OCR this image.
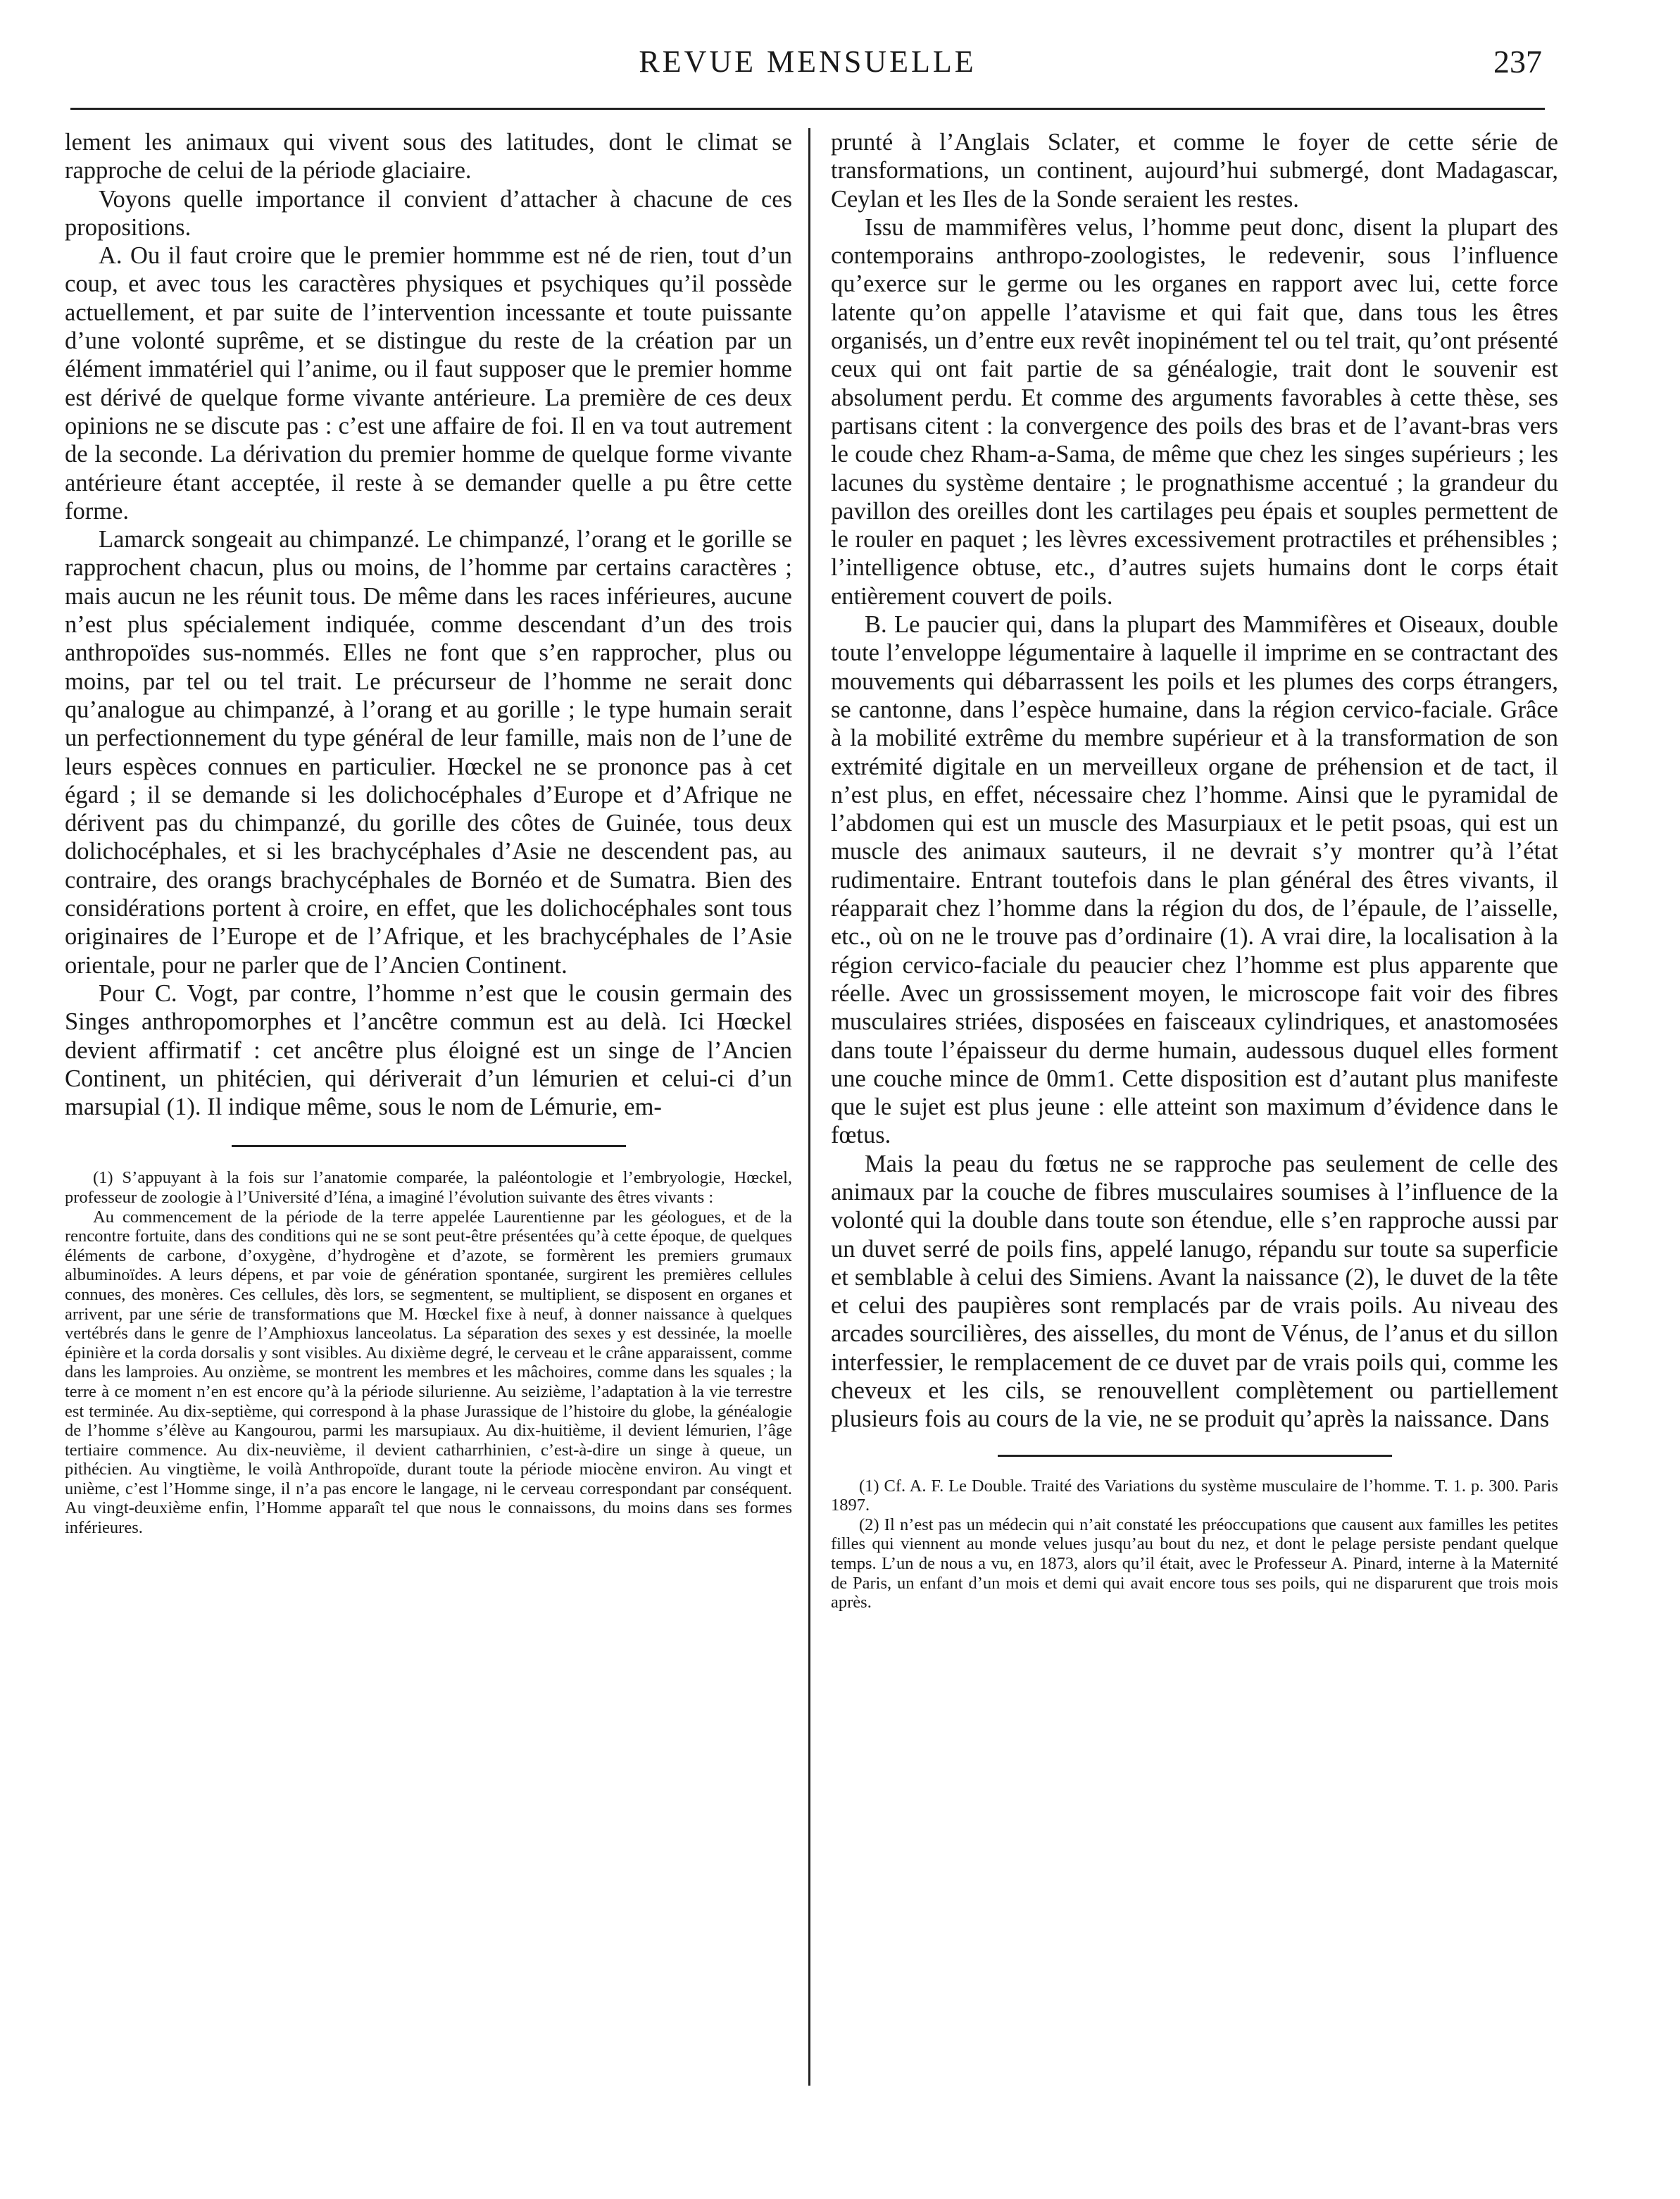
REVUE MENSUELLE	237

lement les animaux qui vivent sous des latitudes, dont le climat se rapproche de celui de la période glaciaire.

Voyons quelle importance il convient d’attacher à chacune de ces propositions.

A. Ou il faut croire que le premier hommme est né de rien, tout d’un coup, et avec tous les caractères physiques et psychiques qu’il possède actuellement, et par suite de l’intervention incessante et toute puissante d’une volonté suprême, et se distingue du reste de la création par un élément immatériel qui l’anime, ou il faut supposer que le premier homme est dérivé de quelque forme vivante antérieure. La première de ces deux opinions ne se discute pas : c’est une affaire de foi. Il en va tout autrement de la seconde. La dérivation du premier homme de quelque forme vivante antérieure étant acceptée, il reste à se demander quelle a pu être cette forme.

Lamarck songeait au chimpanzé. Le chimpanzé, l’orang et le gorille se rapprochent chacun, plus ou moins, de l’homme par certains caractères ; mais aucun ne les réunit tous. De même dans les races inférieures, aucune n’est plus spécialement indiquée, comme descendant d’un des trois anthropoïdes sus-nommés. Elles ne font que s’en rapprocher, plus ou moins, par tel ou tel trait. Le précurseur de l’homme ne serait donc qu’analogue au chimpanzé, à l’orang et au gorille ; le type humain serait un perfectionnement du type général de leur famille, mais non de l’une de leurs espèces connues en particulier. Hœckel ne se prononce pas à cet égard ; il se demande si les dolichocéphales d’Europe et d’Afrique ne dérivent pas du chimpanzé, du gorille des côtes de Guinée, tous deux dolichocéphales, et si les brachycéphales d’Asie ne descendent pas, au contraire, des orangs brachycéphales de Bornéo et de Sumatra. Bien des considérations portent à croire, en effet, que les dolichocéphales sont tous originaires de l’Europe et de l’Afrique, et les brachycéphales de l’Asie orientale, pour ne parler que de l’Ancien Continent.

Pour C. Vogt, par contre, l’homme n’est que le cousin germain des Singes anthropomorphes et l’ancêtre commun est au delà. Ici Hœckel devient affirmatif : cet ancêtre plus éloigné est un singe de l’Ancien Continent, un phitécien, qui dériverait d’un lémurien et celui-ci d’un marsupial (1). Il indique même, sous le nom de Lémurie, em-

(1) S’appuyant à la fois sur l’anatomie comparée, la paléontologie et l’embryologie, Hœckel, professeur de zoologie à l’Université d’Iéna, a imaginé l’évolution suivante des êtres vivants :

Au commencement de la période de la terre appelée Laurentienne par les géologues, et de la rencontre fortuite, dans des conditions qui ne se sont peut-être présentées qu’à cette époque, de quelques éléments de carbone, d’oxygène, d’hydrogène et d’azote, se formèrent les premiers grumaux albuminoïdes. A leurs dépens, et par voie de génération spontanée, surgirent les premières cellules connues, des monères. Ces cellules, dès lors, se segmentent, se multiplient, se disposent en organes et arrivent, par une série de transformations que M. Hœckel fixe à neuf, à donner naissance à quelques vertébrés dans le genre de l’Amphioxus lanceolatus. La séparation des sexes y est dessinée, la moelle épinière et la corda dorsalis y sont visibles. Au dixième degré, le cerveau et le crâne apparaissent, comme dans les lamproies. Au onzième, se montrent les membres et les mâchoires, comme dans les squales ; la terre à ce moment n’en est encore qu’à la période silurienne. Au seizième, l’adaptation à la vie terrestre est terminée. Au dix-septième, qui correspond à la phase Jurassique de l’histoire du globe, la généalogie de l’homme s’élève au Kangourou, parmi les marsupiaux. Au dix-huitième, il devient lémurien, l’âge tertiaire commence. Au dix-neuvième, il devient catharrhinien, c’est-à-dire un singe à queue, un pithécien. Au vingtième, le voilà Anthropoïde, durant toute la période miocène environ. Au vingt et unième, c’est l’Homme singe, il n’a pas encore le langage, ni le cerveau correspondant par conséquent. Au vingt-deuxième enfin, l’Homme apparaît tel que nous le connaissons, du moins dans ses formes inférieures.

prunté à l’Anglais Sclater, et comme le foyer de cette série de transformations, un continent, aujourd’hui submergé, dont Madagascar, Ceylan et les Iles de la Sonde seraient les restes.

Issu de mammifères velus, l’homme peut donc, disent la plupart des contemporains anthropo-zoologistes, le redevenir, sous l’influence qu’exerce sur le germe ou les organes en rapport avec lui, cette force latente qu’on appelle l’atavisme et qui fait que, dans tous les êtres organisés, un d’entre eux revêt inopinément tel ou tel trait, qu’ont présenté ceux qui ont fait partie de sa généalogie, trait dont le souvenir est absolument perdu. Et comme des arguments favorables à cette thèse, ses partisans citent : la convergence des poils des bras et de l’avant-bras vers le coude chez Rham-a-Sama, de même que chez les singes supérieurs ; les lacunes du système dentaire ; le prognathisme accentué ; la grandeur du pavillon des oreilles dont les cartilages peu épais et souples permettent de le rouler en paquet ; les lèvres excessivement protractiles et préhensibles ; l’intelligence obtuse, etc., d’autres sujets humains dont le corps était entièrement couvert de poils.

B. Le paucier qui, dans la plupart des Mammifères et Oiseaux, double toute l’enveloppe légumentaire à laquelle il imprime en se contractant des mouvements qui débarrassent les poils et les plumes des corps étrangers, se cantonne, dans l’espèce humaine, dans la région cervico-faciale. Grâce à la mobilité extrême du membre supérieur et à la transformation de son extrémité digitale en un merveilleux organe de préhension et de tact, il n’est plus, en effet, nécessaire chez l’homme. Ainsi que le pyramidal de l’abdomen qui est un muscle des Masurpiaux et le petit psoas, qui est un muscle des animaux sauteurs, il ne devrait s’y montrer qu’à l’état rudimentaire. Entrant toutefois dans le plan général des êtres vivants, il réapparait chez l’homme dans la région du dos, de l’épaule, de l’aisselle, etc., où on ne le trouve pas d’ordinaire (1). A vrai dire, la localisation à la région cervico-faciale du peaucier chez l’homme est plus apparente que réelle. Avec un grossissement moyen, le microscope fait voir des fibres musculaires striées, disposées en faisceaux cylindriques, et anastomosées dans toute l’épaisseur du derme humain, audessous duquel elles forment une couche mince de 0mm1. Cette disposition est d’autant plus manifeste que le sujet est plus jeune : elle atteint son maximum d’évidence dans le fœtus.

Mais la peau du fœtus ne se rapproche pas seulement de celle des animaux par la couche de fibres musculaires soumises à l’influence de la volonté qui la double dans toute son étendue, elle s’en rapproche aussi par un duvet serré de poils fins, appelé lanugo, répandu sur toute sa superficie et semblable à celui des Simiens. Avant la naissance (2), le duvet de la tête et celui des paupières sont remplacés par de vrais poils. Au niveau des arcades sourcilières, des aisselles, du mont de Vénus, de l’anus et du sillon interfessier, le remplacement de ce duvet par de vrais poils qui, comme les cheveux et les cils, se renouvellent complètement ou partiellement plusieurs fois au cours de la vie, ne se produit qu’après la naissance. Dans

(1) Cf. A. F. Le Double. Traité des Variations du système musculaire de l’homme. T. 1. p. 300. Paris 1897.

(2) Il n’est pas un médecin qui n’ait constaté les préoccupations que causent aux familles les petites filles qui viennent au monde velues jusqu’au bout du nez, et dont le pelage persiste pendant quelque temps. L’un de nous a vu, en 1873, alors qu’il était, avec le Professeur A. Pinard, interne à la Maternité de Paris, un enfant d’un mois et demi qui avait encore tous ses poils, qui ne disparurent que trois mois après.
